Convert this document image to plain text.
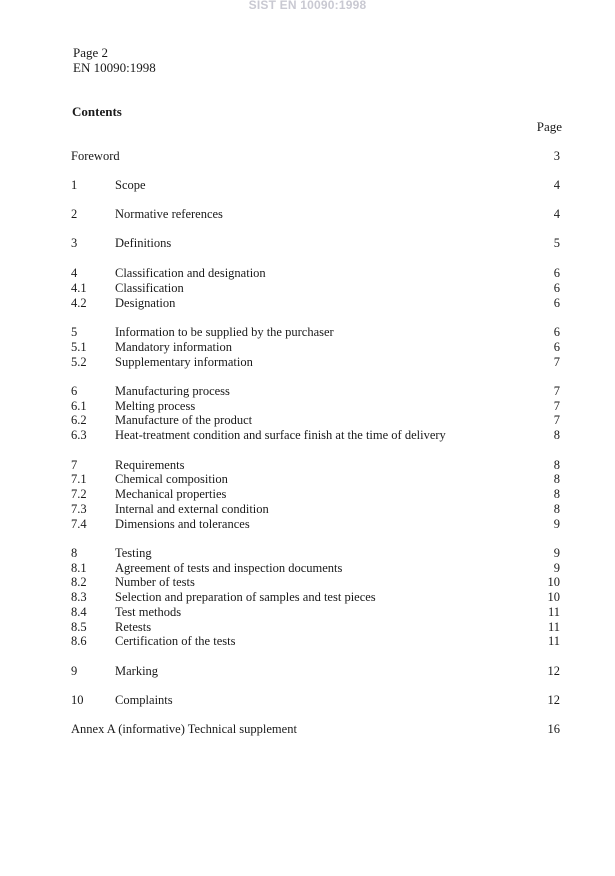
SIST EN 10090:1998
Page 2
EN 10090:1998
Contents
Page
Foreword	3
1	Scope	4
2	Normative references	4
3	Definitions	5
4	Classification and designation	6
4.1	Classification	6
4.2	Designation	6
5	Information to be supplied by the purchaser	6
5.1	Mandatory information	6
5.2	Supplementary information	7
6	Manufacturing process	7
6.1	Melting process	7
6.2	Manufacture of the product	7
6.3	Heat-treatment condition and surface finish at the time of delivery	8
7	Requirements	8
7.1	Chemical composition	8
7.2	Mechanical properties	8
7.3	Internal and external condition	8
7.4	Dimensions and tolerances	9
8	Testing	9
8.1	Agreement of tests and inspection documents	9
8.2	Number of tests	10
8.3	Selection and preparation of samples and test pieces	10
8.4	Test methods	11
8.5	Retests	11
8.6	Certification of the tests	11
9	Marking	12
10	Complaints	12
Annex A (informative) Technical supplement	16
